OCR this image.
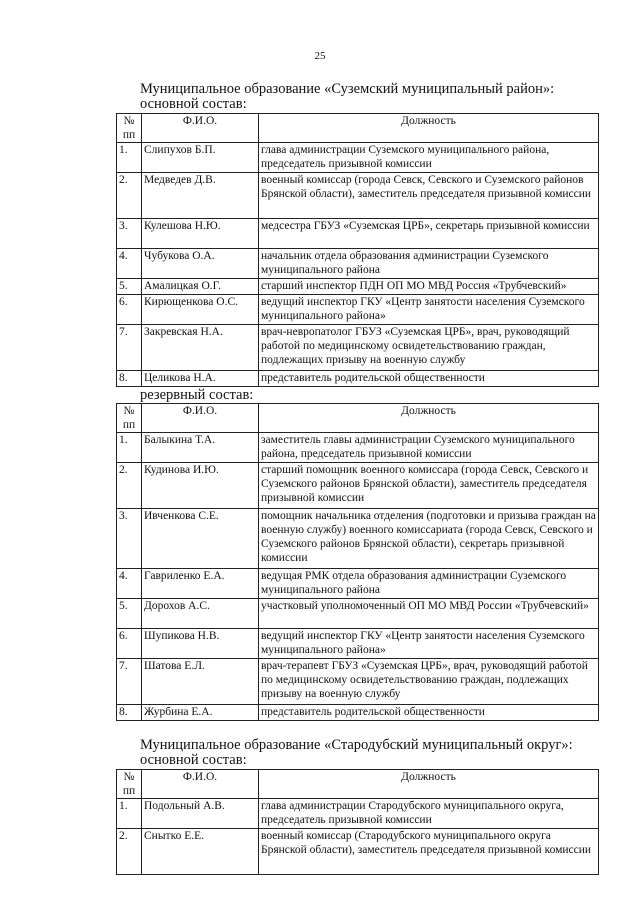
25
Муниципальное образование «Суземский муниципальный район»:
основной состав:
№ пп	Ф.И.О.	Должность
1.	Слипухов Б.П.	глава администрации Суземского муниципального района, председатель призывной комиссии
2.	Медведев Д.В.	военный комиссар (города Севск, Севского и Суземского районов Брянской области), заместитель председателя призывной комиссии
3.	Кулешова Н.Ю.	медсестра ГБУЗ «Суземская ЦРБ», секретарь призывной комиссии
4.	Чубукова О.А.	начальник отдела образования администрации Суземского муниципального района
5.	Амалицкая О.Г.	старший инспектор ПДН ОП МО МВД Россия «Трубчевский»
6.	Кирющенкова О.С.	ведущий инспектор ГКУ «Центр занятости населения Суземского муниципального района»
7.	Закревская Н.А.	врач-невропатолог ГБУЗ «Суземская ЦРБ», врач, руководящий работой по медицинскому освидетельствованию граждан, подлежащих призыву на военную службу
8.	Целикова Н.А.	представитель родительской общественности
резервный состав:
№ пп	Ф.И.О.	Должность
1.	Балыкина Т.А.	заместитель главы администрации Суземского муниципального района, председатель призывной комиссии
2.	Кудинова И.Ю.	старший помощник военного комиссара (города Севск, Севского и Суземского районов Брянской области), заместитель председателя призывной комиссии
3.	Ивченкова С.Е.	помощник начальника отделения (подготовки и призыва граждан на военную службу) военного комиссариата (города Севск, Севского и Суземского районов Брянской области), секретарь призывной комиссии
4.	Гавриленко Е.А.	ведущая РМК отдела образования администрации Суземского муниципального района
5.	Дорохов А.С.	участковый уполномоченный ОП МО МВД России «Трубчевский»
6.	Шупикова Н.В.	ведущий инспектор ГКУ «Центр занятости населения Суземского муниципального района»
7.	Шатова Е.Л.	врач-терапевт ГБУЗ «Суземская ЦРБ», врач, руководящий работой по медицинскому освидетельствованию граждан, подлежащих призыву на военную службу
8.	Журбина Е.А.	представитель родительской общественности
Муниципальное образование «Стародубский муниципальный округ»:
основной состав:
№ пп	Ф.И.О.	Должность
1.	Подольный А.В.	глава администрации Стародубского муниципального округа, председатель призывной комиссии
2.	Снытко Е.Е.	военный комиссар (Стародубского муниципального округа Брянской области), заместитель председателя призывной комиссии
